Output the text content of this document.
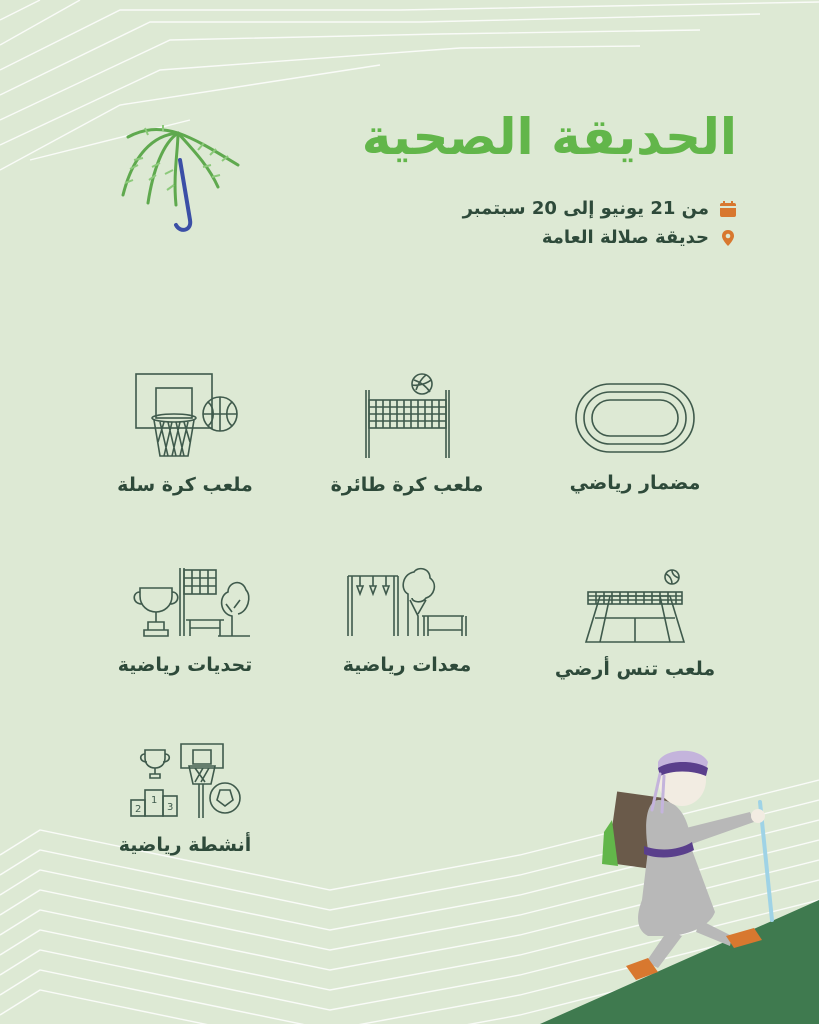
الحديقة الصحية
من 21 يونيو إلى 20 سبتمبر
حديقة صلالة العامة
مضمار رياضي
ملعب كرة طائرة
ملعب كرة سلة
ملعب تنس أرضي
معدات رياضية
تحديات رياضية
2
1
3
أنشطة رياضية
